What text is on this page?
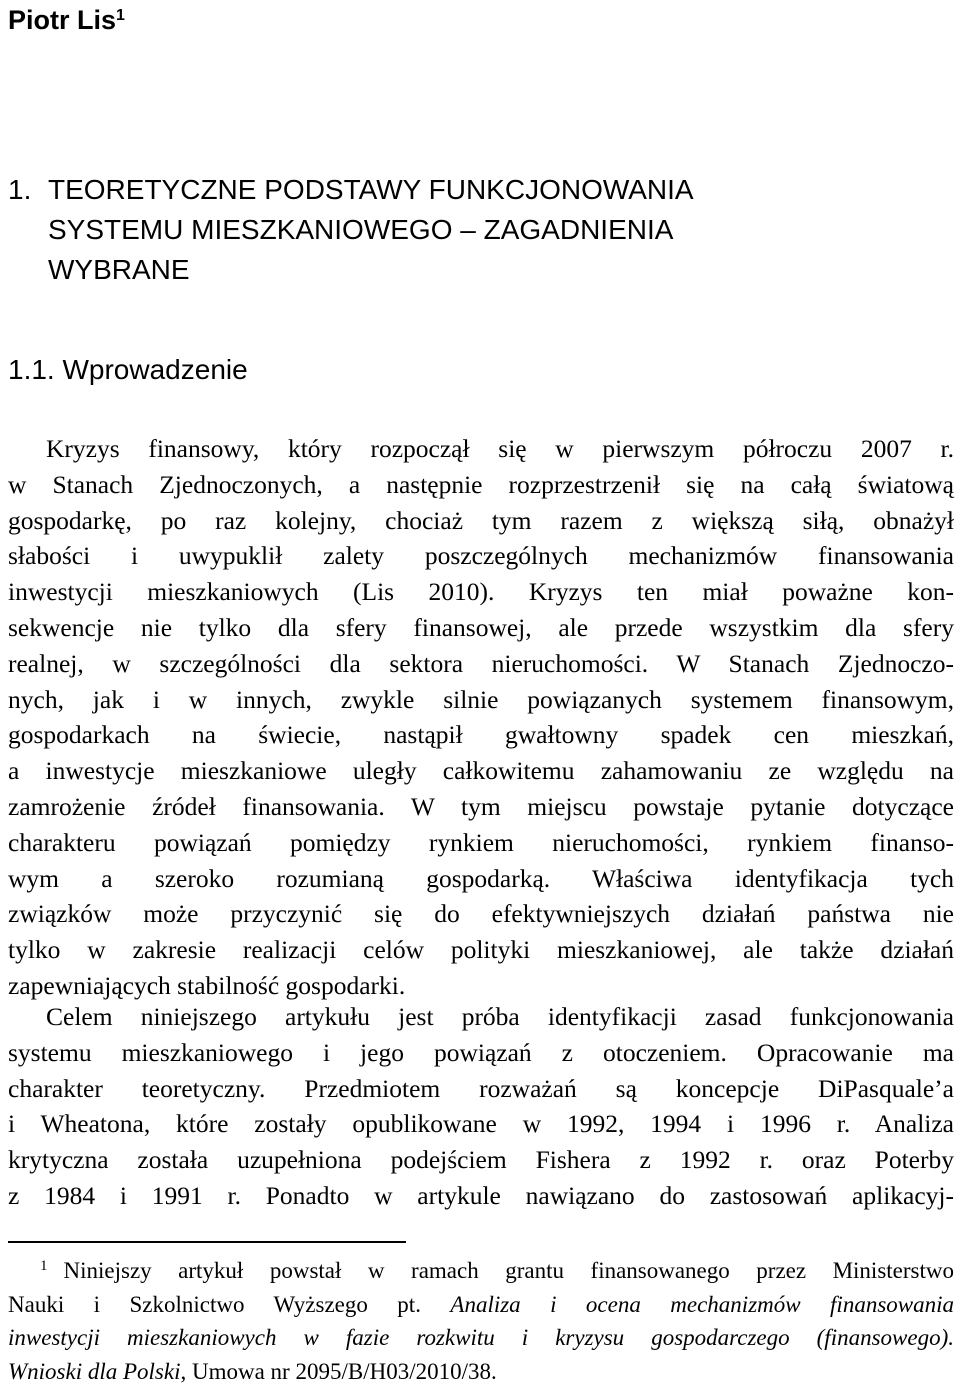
Piotr Lis$^1$
1. TEORETYCZNE PODSTAWY FUNKCJONOWANIA
SYSTEMU MIESZKANIOWEGO – ZAGADNIENIA
WYBRANE
1.1. Wprowadzenie
Kryzys finansowy, który rozpoczął się w pierwszym półroczu 2007 r.
w Stanach Zjednoczonych, a następnie rozprzestrzenił się na całą światową
gospodarkę, po raz kolejny, chociaż tym razem z większą siłą, obnażył
słabości i uwypuklił zalety poszczególnych mechanizmów finansowania
inwestycji mieszkaniowych (Lis 2010). Kryzys ten miał poważne kon-
sekwencje nie tylko dla sfery finansowej, ale przede wszystkim dla sfery
realnej, w szczególności dla sektora nieruchomości. W Stanach Zjednoczo-
nych, jak i w innych, zwykle silnie powiązanych systemem finansowym,
gospodarkach na świecie, nastąpił gwałtowny spadek cen mieszkań,
a inwestycje mieszkaniowe uległy całkowitemu zahamowaniu ze względu na
zamrożenie źródeł finansowania. W tym miejscu powstaje pytanie dotyczące
charakteru powiązań pomiędzy rynkiem nieruchomości, rynkiem finanso-
wym a szeroko rozumianą gospodarką. Właściwa identyfikacja tych
związków może przyczynić się do efektywniejszych działań państwa nie
tylko w zakresie realizacji celów polityki mieszkaniowej, ale także działań
zapewniających stabilność gospodarki.
Celem niniejszego artykułu jest próba identyfikacji zasad funkcjonowania
systemu mieszkaniowego i jego powiązań z otoczeniem. Opracowanie ma
charakter teoretyczny. Przedmiotem rozważań są koncepcje DiPasquale’a
i Wheatona, które zostały opublikowane w 1992, 1994 i 1996 r. Analiza
krytyczna została uzupełniona podejściem Fishera z 1992 r. oraz Poterby
z 1984 i 1991 r. Ponadto w artykule nawiązano do zastosowań aplikacyj-
$^1$ Niniejszy artykuł powstał w ramach grantu finansowanego przez Ministerstwo
Nauki i Szkolnictwo Wyższego pt. Analiza i ocena mechanizmów finansowania
inwestycji mieszkaniowych w fazie rozkwitu i kryzysu gospodarczego (finansowego).
Wnioski dla Polski, Umowa nr 2095/B/H03/2010/38.
